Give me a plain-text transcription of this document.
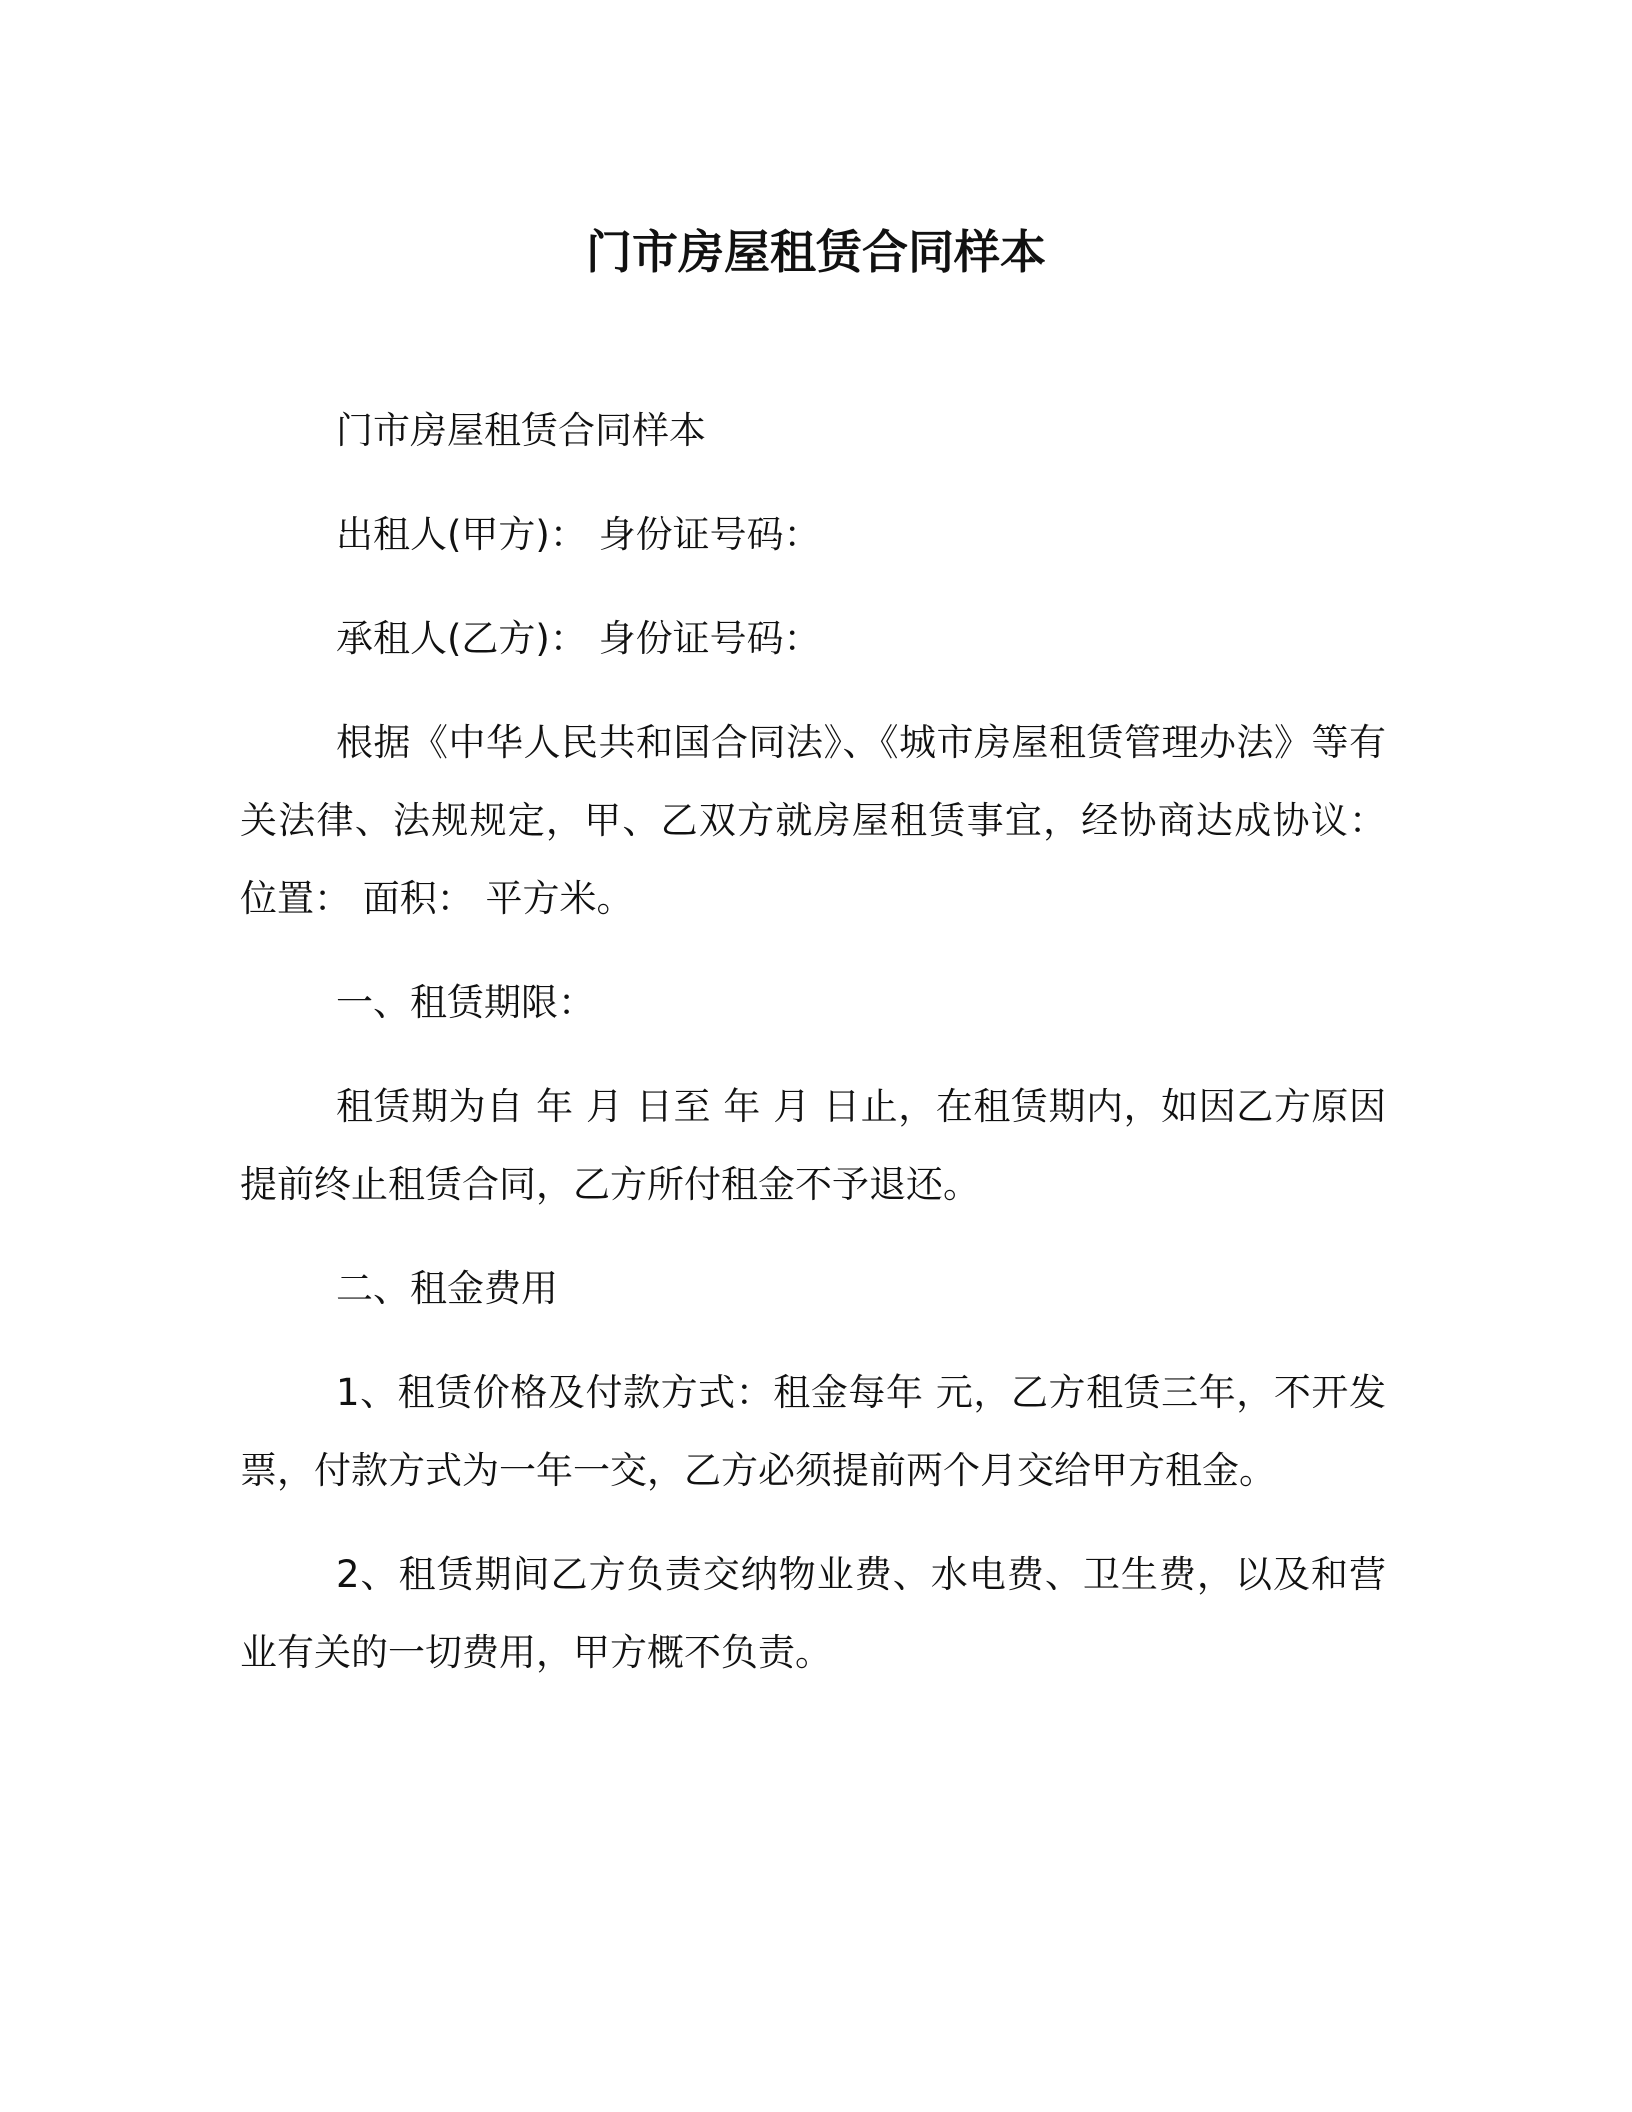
门市房屋租赁合同样本

门市房屋租赁合同样本

出租人(甲方)： 身份证号码：

承租人(乙方)： 身份证号码：

根据《中华人民共和国合同法》、《城市房屋租赁管理办法》等有关法律、法规规定，甲、乙双方就房屋租赁事宜，经协商达成协议：位置： 面积： 平方米。

一、租赁期限：

租赁期为自 年 月 日至 年 月 日止，在租赁期内，如因乙方原因提前终止租赁合同，乙方所付租金不予退还。

二、租金费用

1、租赁价格及付款方式：租金每年 元，乙方租赁三年，不开发票，付款方式为一年一交，乙方必须提前两个月交给甲方租金。

2、租赁期间乙方负责交纳物业费、水电费、卫生费，以及和营业有关的一切费用，甲方概不负责。
